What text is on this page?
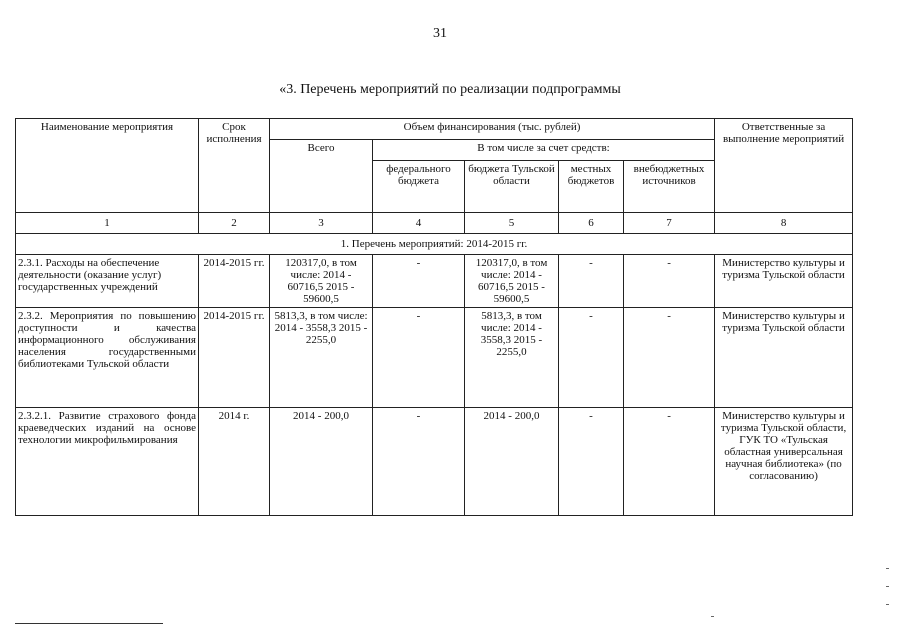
31
«3. Перечень мероприятий по реализации подпрограммы
Наименование мероприятия	Срок исполнения	Объем финансирования (тыс. рублей)					Ответственные за выполнение мероприятий
		Всего	В том числе за счет средств:				
			федерального бюджета	бюджета Тульской области	местных бюджетов	внебюджетных источников	
1	2	3	4	5	6	7	8
1. Перечень мероприятий: 2014-2015 гг.							
2.3.1. Расходы на обеспечение деятельности (оказание услуг) государственных учреждений	2014-2015 гг.	120317,0, в том числе: 2014 - 60716,5 2015 - 59600,5	-	120317,0, в том числе: 2014 - 60716,5 2015 - 59600,5	-	-	Министерство культуры и туризма Тульской области
2.3.2. Мероприятия по повышению доступности и качества информационного обслуживания населения государственными библиотеками Тульской области	2014-2015 гг.	5813,3, в том числе: 2014 - 3558,3 2015 - 2255,0	-	5813,3, в том числе: 2014 - 3558,3 2015 - 2255,0	-	-	Министерство культуры и туризма Тульской области
2.3.2.1. Развитие страхового фонда краеведческих изданий на основе технологии микрофильмирования	2014 г.	2014 - 200,0	-	2014 - 200,0	-	-	Министерство культуры и туризма Тульской области, ГУК ТО «Тульская областная универсальная научная библиотека» (по согласованию)
